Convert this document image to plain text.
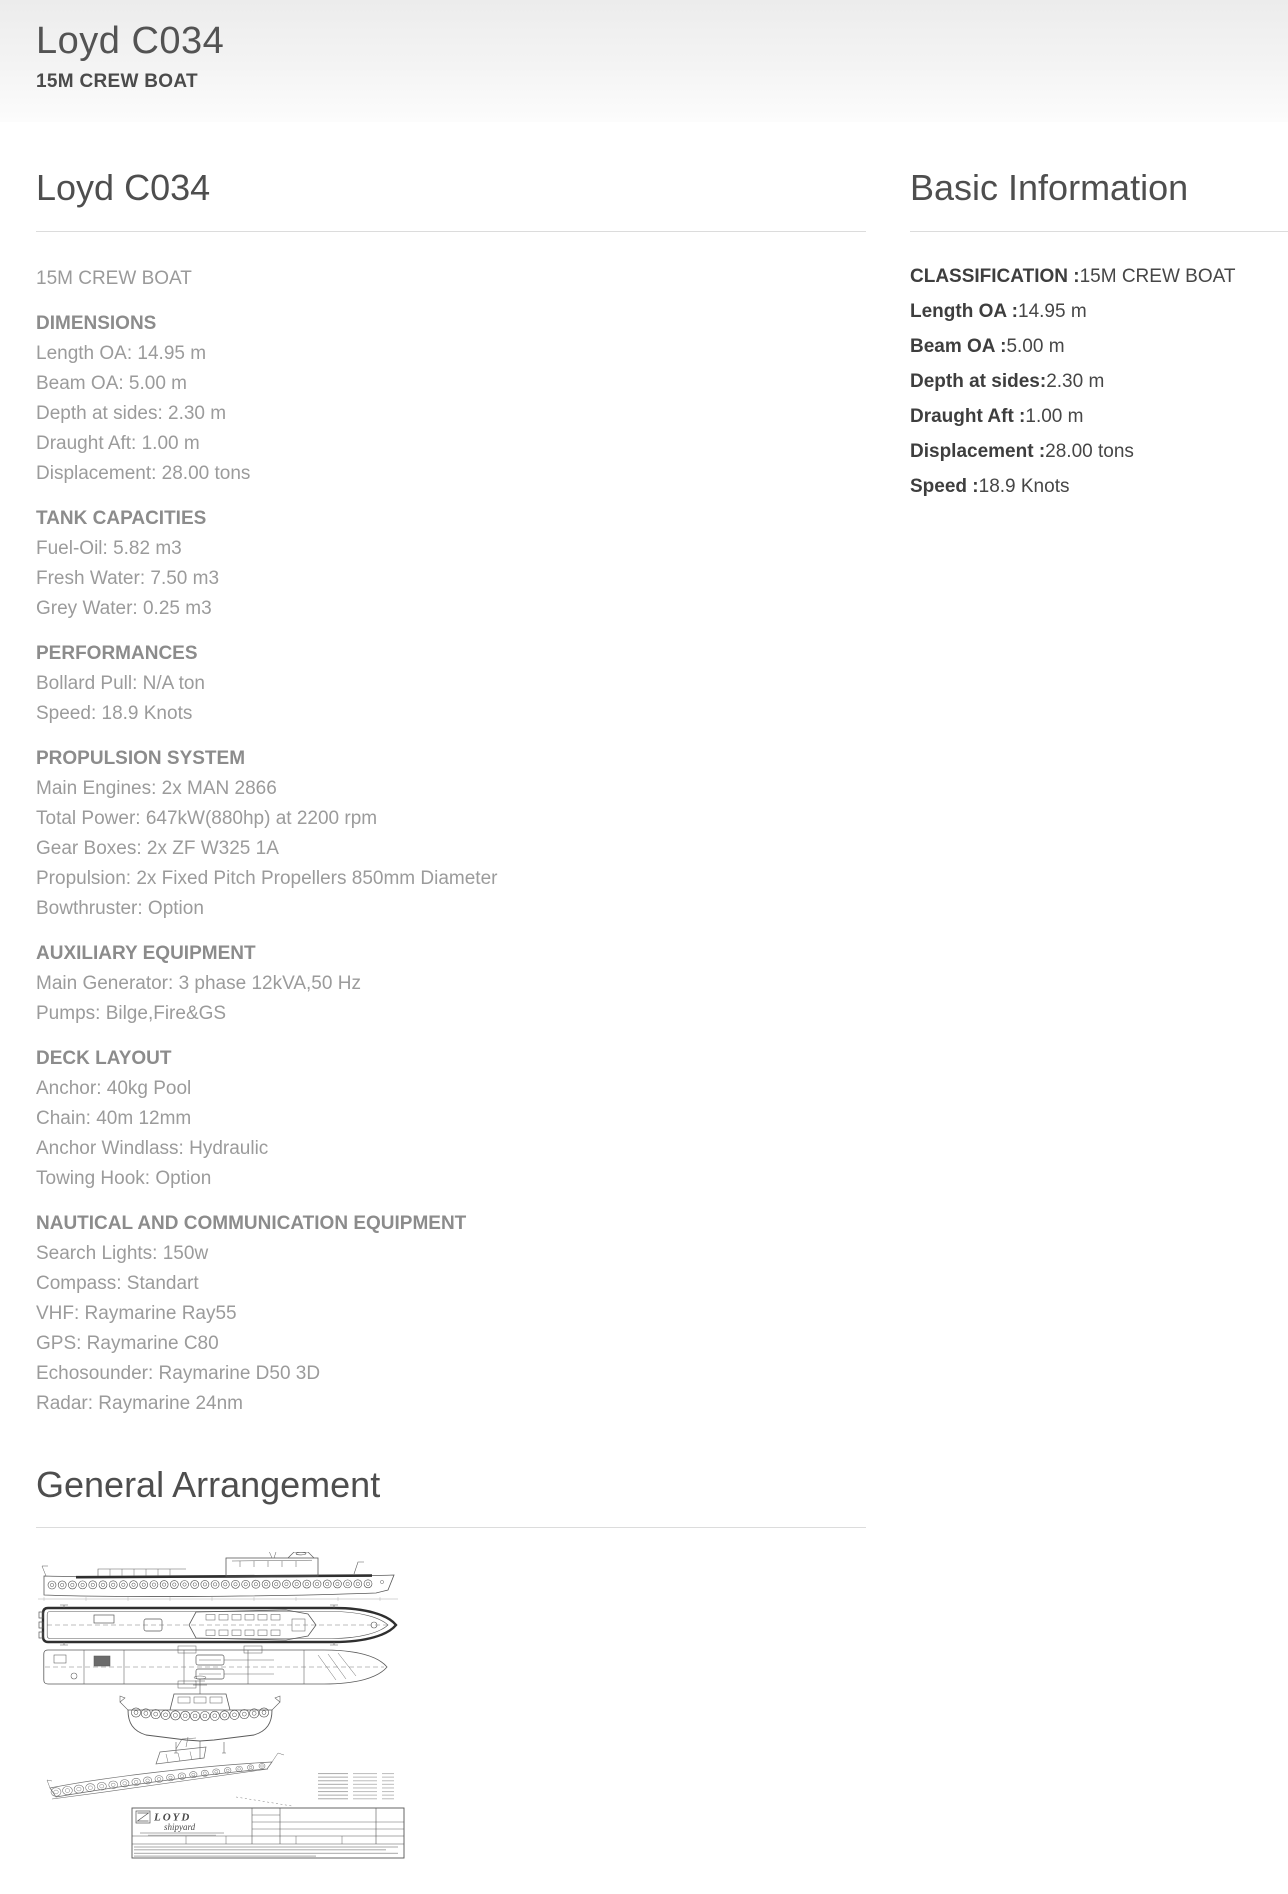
Loyd C034

15M CREW BOAT

Loyd C034

15M CREW BOAT

DIMENSIONS

Length OA: 14.95 m

Beam OA: 5.00 m

Depth at sides: 2.30 m

Draught Aft: 1.00 m

Displacement: 28.00 tons

TANK CAPACITIES

Fuel-Oil: 5.82 m3

Fresh Water: 7.50 m3

Grey Water: 0.25 m3

PERFORMANCES

Bollard Pull: N/A ton

Speed: 18.9 Knots

PROPULSION SYSTEM

Main Engines: 2x MAN 2866

Total Power: 647kW(880hp) at 2200 rpm

Gear Boxes: 2x ZF W325 1A

Propulsion: 2x Fixed Pitch Propellers 850mm Diameter

Bowthruster: Option

AUXILIARY EQUIPMENT

Main Generator: 3 phase 12kVA,50 Hz

Pumps: Bilge,Fire&GS

DECK LAYOUT

Anchor: 40kg Pool

Chain: 40m 12mm

Anchor Windlass: Hydraulic

Towing Hook: Option

NAUTICAL AND COMMUNICATION EQUIPMENT

Search Lights: 150w

Compass: Standart

VHF: Raymarine Ray55

GPS: Raymarine C80

Echosounder: Raymarine D50 3D

Radar: Raymarine 24nm

General Arrangement
LOYD
shipyard
Basic Information

CLASSIFICATION :15M CREW BOAT

Length OA :14.95 m

Beam OA :5.00 m

Depth at sides:2.30 m

Draught Aft :1.00 m

Displacement :28.00 tons

Speed :18.9 Knots
